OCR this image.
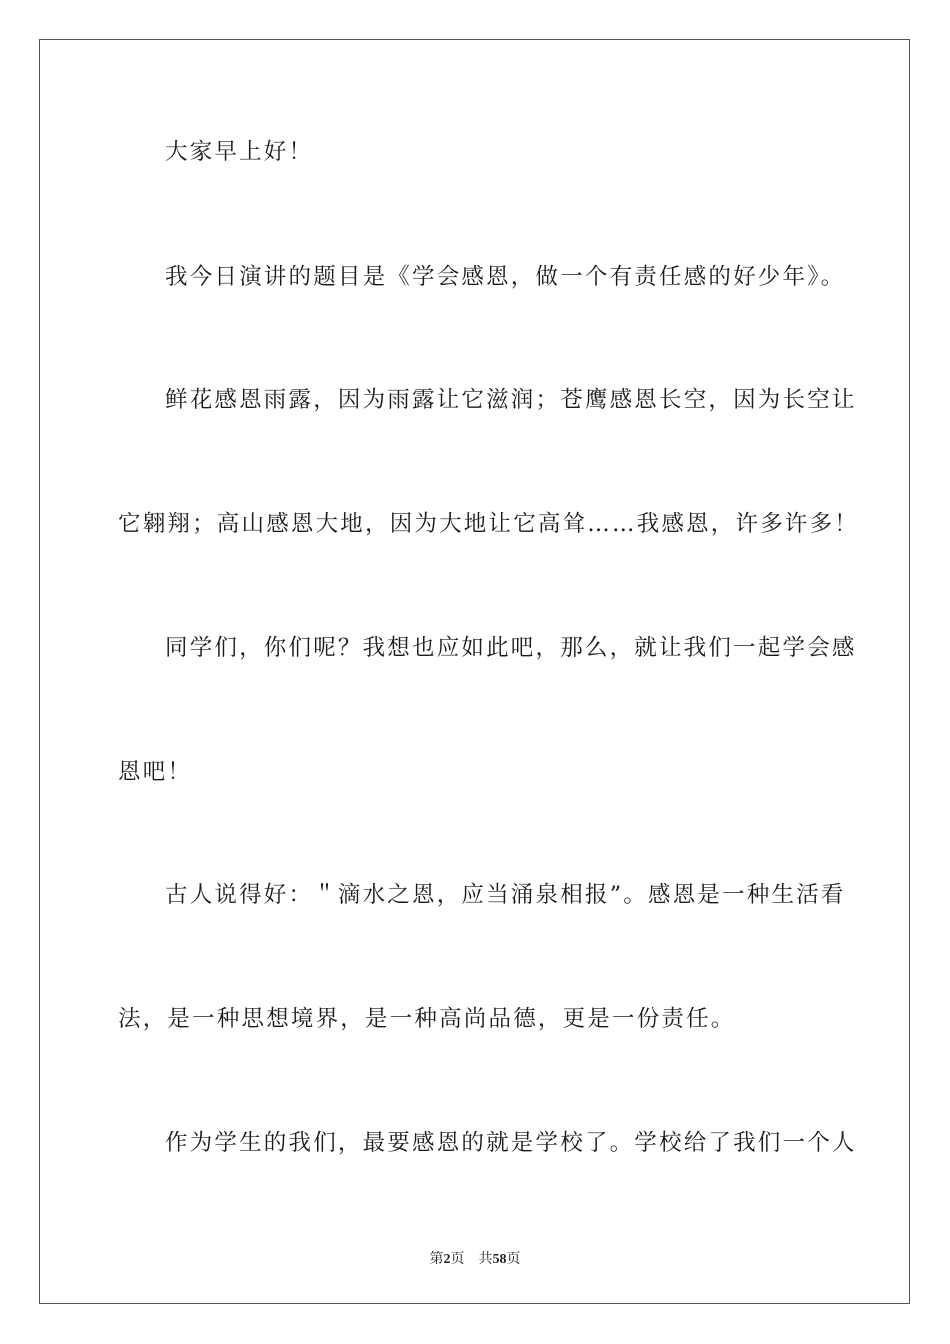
大家早上好！
我今日演讲的题目是《学会感恩，做一个有责任感的好少年》。
鲜花感恩雨露，因为雨露让它滋润；苍鹰感恩长空，因为长空让
它翱翔；高山感恩大地，因为大地让它高耸……我感恩，许多许多！
同学们，你们呢？我想也应如此吧，那么，就让我们一起学会感
恩吧！
古人说得好：＂滴水之恩，应当涌泉相报”。感恩是一种生活看
法，是一种思想境界，是一种高尚品德，更是一份责任。
作为学生的我们，最要感恩的就是学校了。学校给了我们一个人
第2页 共58页
